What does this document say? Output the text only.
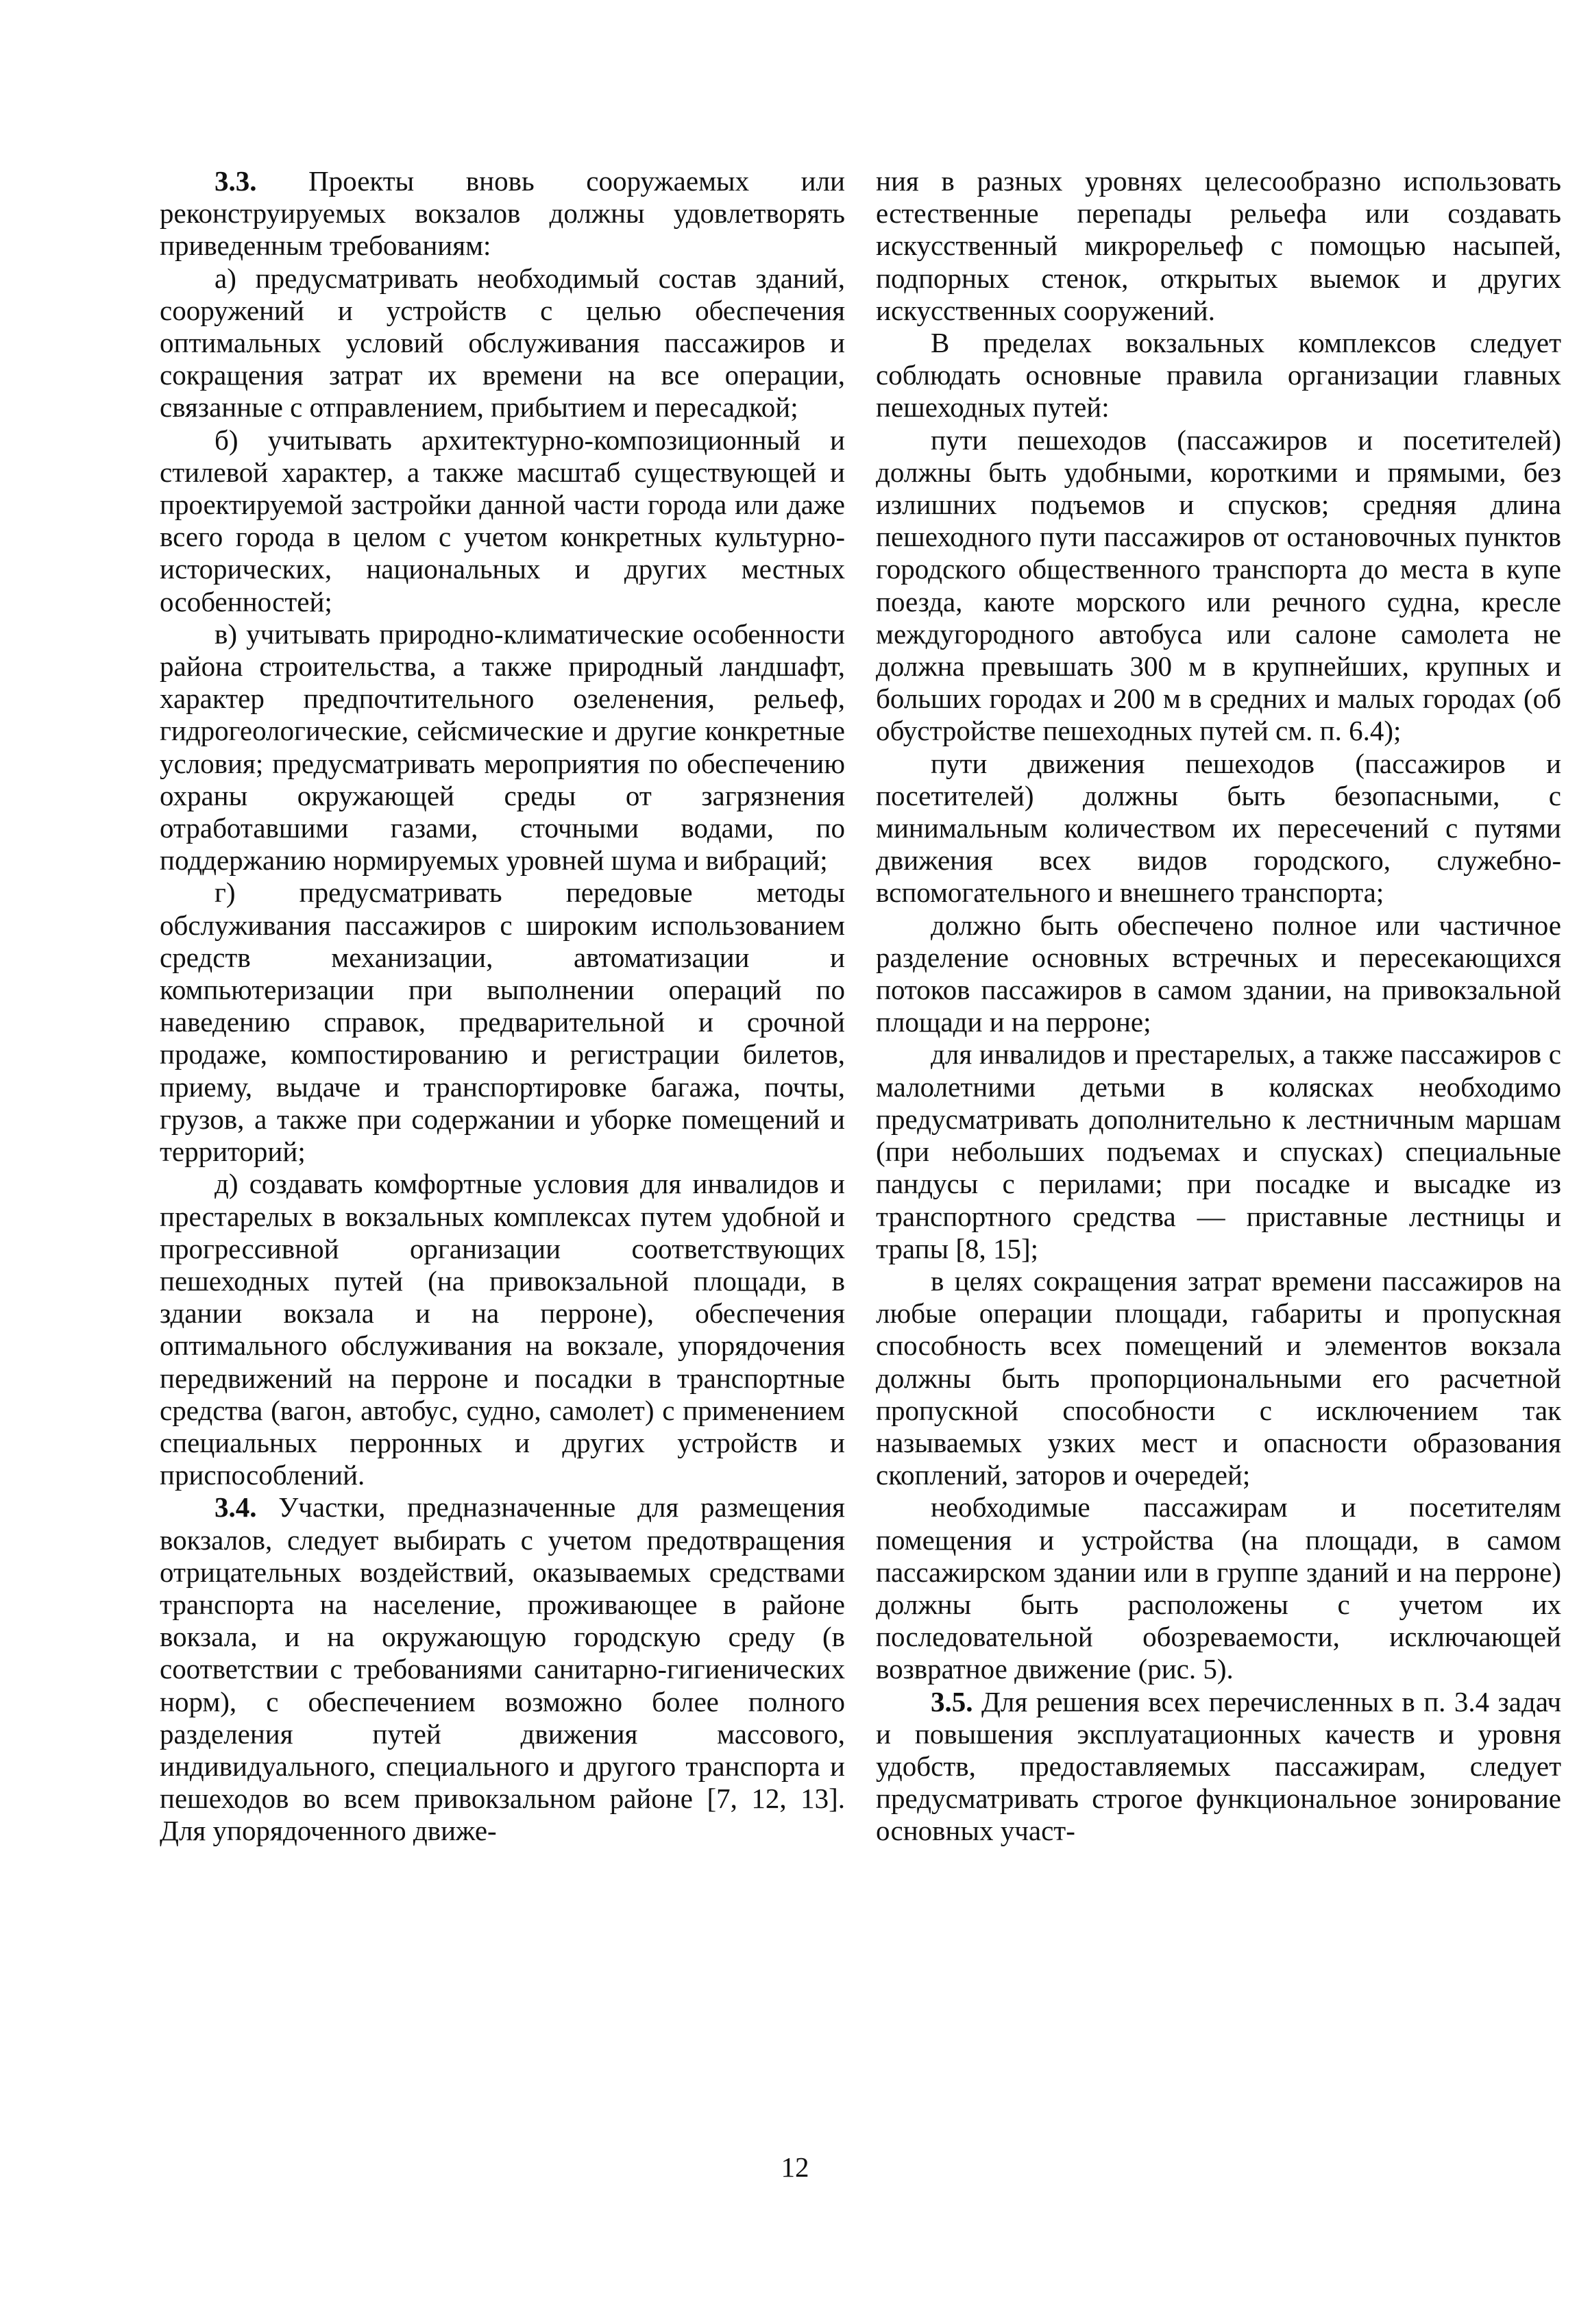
3.3. Проекты вновь сооружаемых или реконструируемых вокзалов должны удовлетворять приведенным требованиям:

а) предусматривать необходимый состав зданий, сооружений и устройств с целью обеспечения оптимальных условий обслуживания пассажиров и сокращения затрат их времени на все операции, связанные с отправлением, прибытием и пересадкой;

б) учитывать архитектурно-композиционный и стилевой характер, а также масштаб существующей и проектируемой застройки данной части города или даже всего города в целом с учетом конкретных культурно-исторических, национальных и других местных особенностей;

в) учитывать природно-климатические особенности района строительства, а также природный ландшафт, характер предпочтительного озеленения, рельеф, гидрогеологические, сейсмические и другие конкретные условия; предусматривать мероприятия по обеспечению охраны окружающей среды от загрязнения отработавшими газами, сточными водами, по поддержанию нормируемых уровней шума и вибраций;

г) предусматривать передовые методы обслуживания пассажиров с широким использованием средств механизации, автоматизации и компьютеризации при выполнении операций по наведению справок, предварительной и срочной продаже, компостированию и регистрации билетов, приему, выдаче и транспортировке багажа, почты, грузов, а также при содержании и уборке помещений и территорий;

д) создавать комфортные условия для инвалидов и престарелых в вокзальных комплексах путем удобной и прогрессивной организации соответствующих пешеходных путей (на привокзальной площади, в здании вокзала и на перроне), обеспечения оптимального обслуживания на вокзале, упорядочения передвижений на перроне и посадки в транспортные средства (вагон, автобус, судно, самолет) с применением специальных перронных и других устройств и приспособлений.

3.4. Участки, предназначенные для размещения вокзалов, следует выбирать с учетом предотвращения отрицательных воздействий, оказываемых средствами транспорта на население, проживающее в районе вокзала, и на окружающую городскую среду (в соответствии с требованиями санитарно-гигиенических норм), с обеспечением возможно более полного разделения путей движения массового, индивидуального, специального и другого транспорта и пешеходов во всем привокзальном районе [7, 12, 13]. Для упорядоченного движе-

ния в разных уровнях целесообразно использовать естественные перепады рельефа или создавать искусственный микрорельеф с помощью насыпей, подпорных стенок, открытых выемок и других искусственных сооружений.

В пределах вокзальных комплексов следует соблюдать основные правила организации главных пешеходных путей:

пути пешеходов (пассажиров и посетителей) должны быть удобными, короткими и прямыми, без излишних подъемов и спусков; средняя длина пешеходного пути пассажиров от остановочных пунктов городского общественного транспорта до места в купе поезда, каюте морского или речного судна, кресле междугородного автобуса или салоне самолета не должна превышать 300 м в крупнейших, крупных и больших городах и 200 м в средних и малых городах (об обустройстве пешеходных путей см. п. 6.4);

пути движения пешеходов (пассажиров и посетителей) должны быть безопасными, с минимальным количеством их пересечений с путями движения всех видов городского, служебно-вспомогательного и внешнего транспорта;

должно быть обеспечено полное или частичное разделение основных встречных и пересекающихся потоков пассажиров в самом здании, на привокзальной площади и на перроне;

для инвалидов и престарелых, а также пассажиров с малолетними детьми в колясках необходимо предусматривать дополнительно к лестничным маршам (при небольших подъемах и спусках) специальные пандусы с перилами; при посадке и высадке из транспортного средства — приставные лестницы и трапы [8, 15];

в целях сокращения затрат времени пассажиров на любые операции площади, габариты и пропускная способность всех помещений и элементов вокзала должны быть пропорциональными его расчетной пропускной способности с исключением так называемых узких мест и опасности образования скоплений, заторов и очередей;

необходимые пассажирам и посетителям помещения и устройства (на площади, в самом пассажирском здании или в группе зданий и на перроне) должны быть расположены с учетом их последовательной обозреваемости, исключающей возвратное движение (рис. 5).

3.5. Для решения всех перечисленных в п. 3.4 задач и повышения эксплуатационных качеств и уровня удобств, предоставляемых пассажирам, следует предусматривать строгое функциональное зонирование основных участ-

12
